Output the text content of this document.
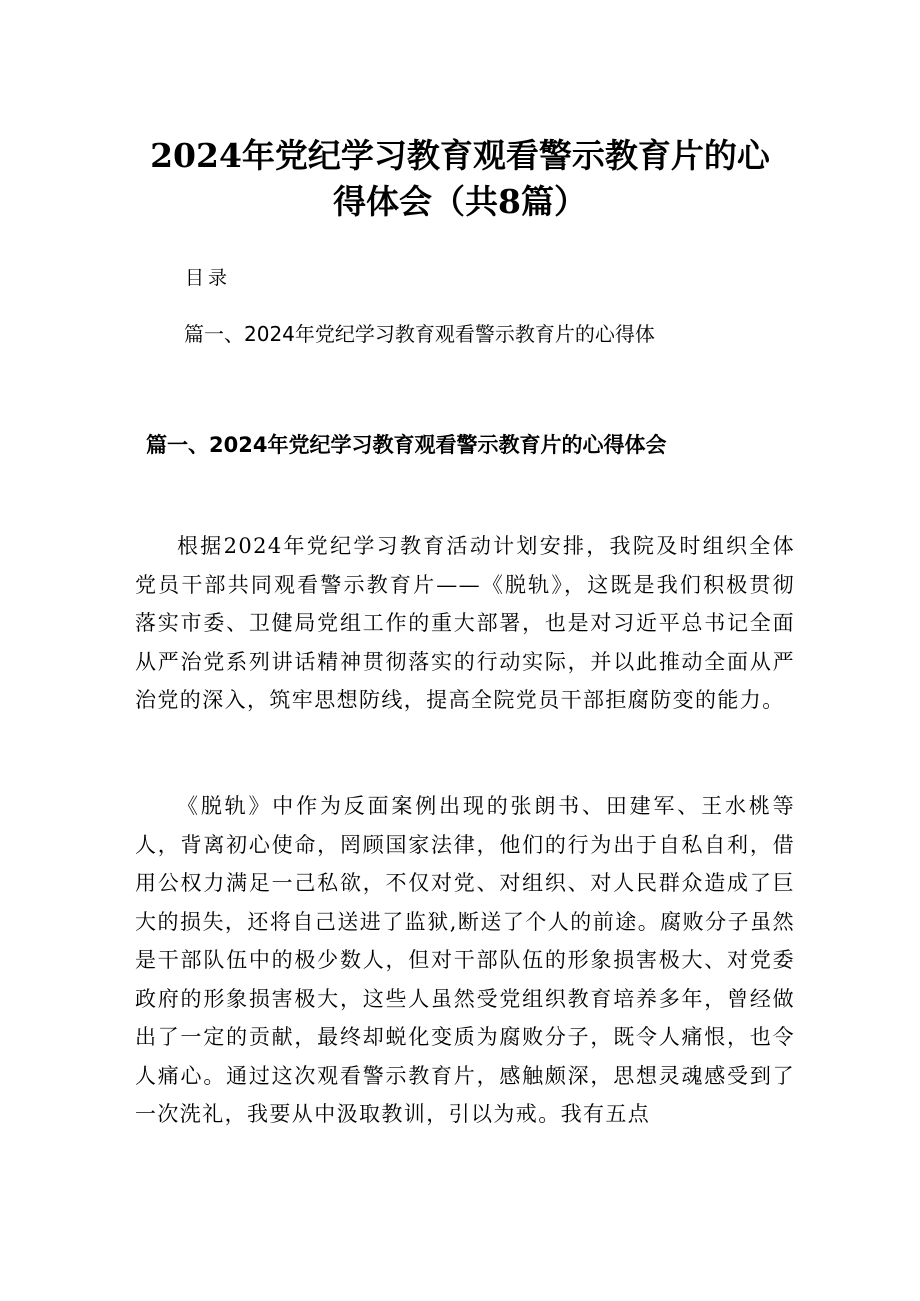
2024年党纪学习教育观看警示教育片的心
得体会（共8篇）
目录
篇一、2024年党纪学习教育观看警示教育片的心得体
篇一、2024年党纪学习教育观看警示教育片的心得体会

根据2024年党纪学习教育活动计划安排，我院及时组织全体党员干部共同观看警示教育片——《脱轨》，这既是我们积极贯彻落实市委、卫健局党组工作的重大部署，也是对习近平总书记全面从严治党系列讲话精神贯彻落实的行动实际，并以此推动全面从严治党的深入，筑牢思想防线，提高全院党员干部拒腐防变的能力。

《脱轨》中作为反面案例出现的张朗书、田建军、王水桃等人，背离初心使命，罔顾国家法律，他们的行为出于自私自利，借用公权力满足一己私欲，不仅对党、对组织、对人民群众造成了巨大的损失，还将自己送进了监狱,断送了个人的前途。腐败分子虽然是干部队伍中的极少数人，但对干部队伍的形象损害极大、对党委政府的形象损害极大，这些人虽然受党组织教育培养多年，曾经做出了一定的贡献，最终却蜕化变质为腐败分子，既令人痛恨，也令人痛心。通过这次观看警示教育片，感触颇深，思想灵魂感受到了一次洗礼，我要从中汲取教训，引以为戒。我有五点
